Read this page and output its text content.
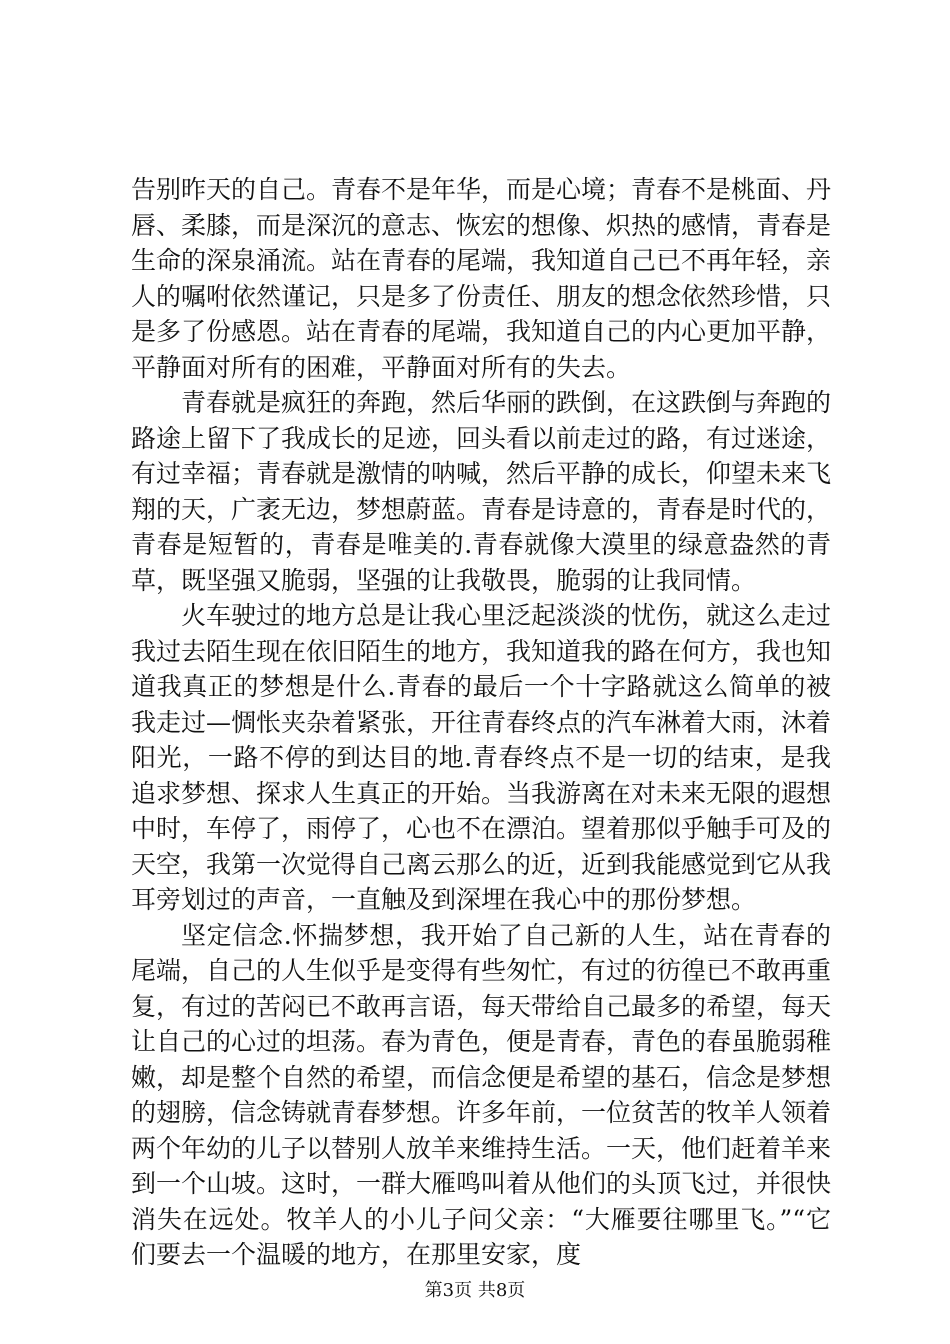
告别昨天的自己。青春不是年华，而是心境；青春不是桃面、丹唇、柔膝，而是深沉的意志、恢宏的想像、炽热的感情，青春是生命的深泉涌流。站在青春的尾端，我知道自己已不再年轻，亲人的嘱咐依然谨记，只是多了份责任、朋友的想念依然珍惜，只是多了份感恩。站在青春的尾端，我知道自己的内心更加平静，平静面对所有的困难，平静面对所有的失去。

青春就是疯狂的奔跑，然后华丽的跌倒，在这跌倒与奔跑的路途上留下了我成长的足迹，回头看以前走过的路，有过迷途，有过幸福；青春就是激情的呐喊，然后平静的成长，仰望未来飞翔的天，广袤无边，梦想蔚蓝。青春是诗意的，青春是时代的，青春是短暂的，青春是唯美的.青春就像大漠里的绿意盎然的青草，既坚强又脆弱，坚强的让我敬畏，脆弱的让我同情。

火车驶过的地方总是让我心里泛起淡淡的忧伤，就这么走过我过去陌生现在依旧陌生的地方，我知道我的路在何方，我也知道我真正的梦想是什么.青春的最后一个十字路就这么简单的被我走过—惆怅夹杂着紧张，开往青春终点的汽车淋着大雨，沐着阳光，一路不停的到达目的地.青春终点不是一切的结束，是我追求梦想、探求人生真正的开始。当我游离在对未来无限的遐想中时，车停了，雨停了，心也不在漂泊。望着那似乎触手可及的天空，我第一次觉得自己离云那么的近，近到我能感觉到它从我耳旁划过的声音，一直触及到深埋在我心中的那份梦想。

坚定信念.怀揣梦想，我开始了自己新的人生，站在青春的尾端，自己的人生似乎是变得有些匆忙，有过的彷徨已不敢再重复，有过的苦闷已不敢再言语，每天带给自己最多的希望，每天让自己的心过的坦荡。春为青色，便是青春，青色的春虽脆弱稚嫩，却是整个自然的希望，而信念便是希望的基石，信念是梦想的翅膀，信念铸就青春梦想。许多年前，一位贫苦的牧羊人领着两个年幼的儿子以替别人放羊来维持生活。一天，他们赶着羊来到一个山坡。这时，一群大雁鸣叫着从他们的头顶飞过，并很快消失在远处。牧羊人的小儿子问父亲：“大雁要往哪里飞。”“它们要去一个温暖的地方，在那里安家，度

第3页 共8页
